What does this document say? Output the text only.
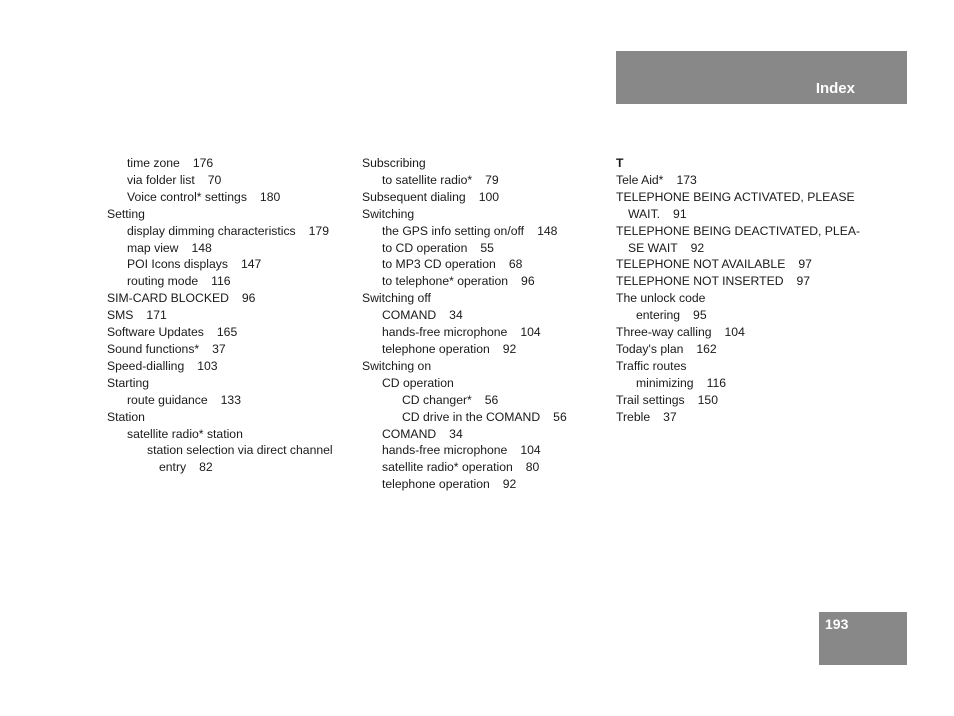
Index
time zone 176
via folder list 70
Voice control* settings 180
Setting
display dimming characteristics 179
map view 148
POI Icons displays 147
routing mode 116
SIM-CARD BLOCKED 96
SMS 171
Software Updates 165
Sound functions* 37
Speed-dialling 103
Starting
route guidance 133
Station
satellite radio* station
station selection via direct channel
entry 82
Subscribing
to satellite radio* 79
Subsequent dialing 100
Switching
the GPS info setting on/off 148
to CD operation 55
to MP3 CD operation 68
to telephone* operation 96
Switching off
COMAND 34
hands-free microphone 104
telephone operation 92
Switching on
CD operation
CD changer* 56
CD drive in the COMAND 56
COMAND 34
hands-free microphone 104
satellite radio* operation 80
telephone operation 92
T
Tele Aid* 173
TELEPHONE BEING ACTIVATED, PLEASE
WAIT. 91
TELEPHONE BEING DEACTIVATED, PLEA-
SE WAIT 92
TELEPHONE NOT AVAILABLE 97
TELEPHONE NOT INSERTED 97
The unlock code
entering 95
Three-way calling 104
Today's plan 162
Traffic routes
minimizing 116
Trail settings 150
Treble 37
193
